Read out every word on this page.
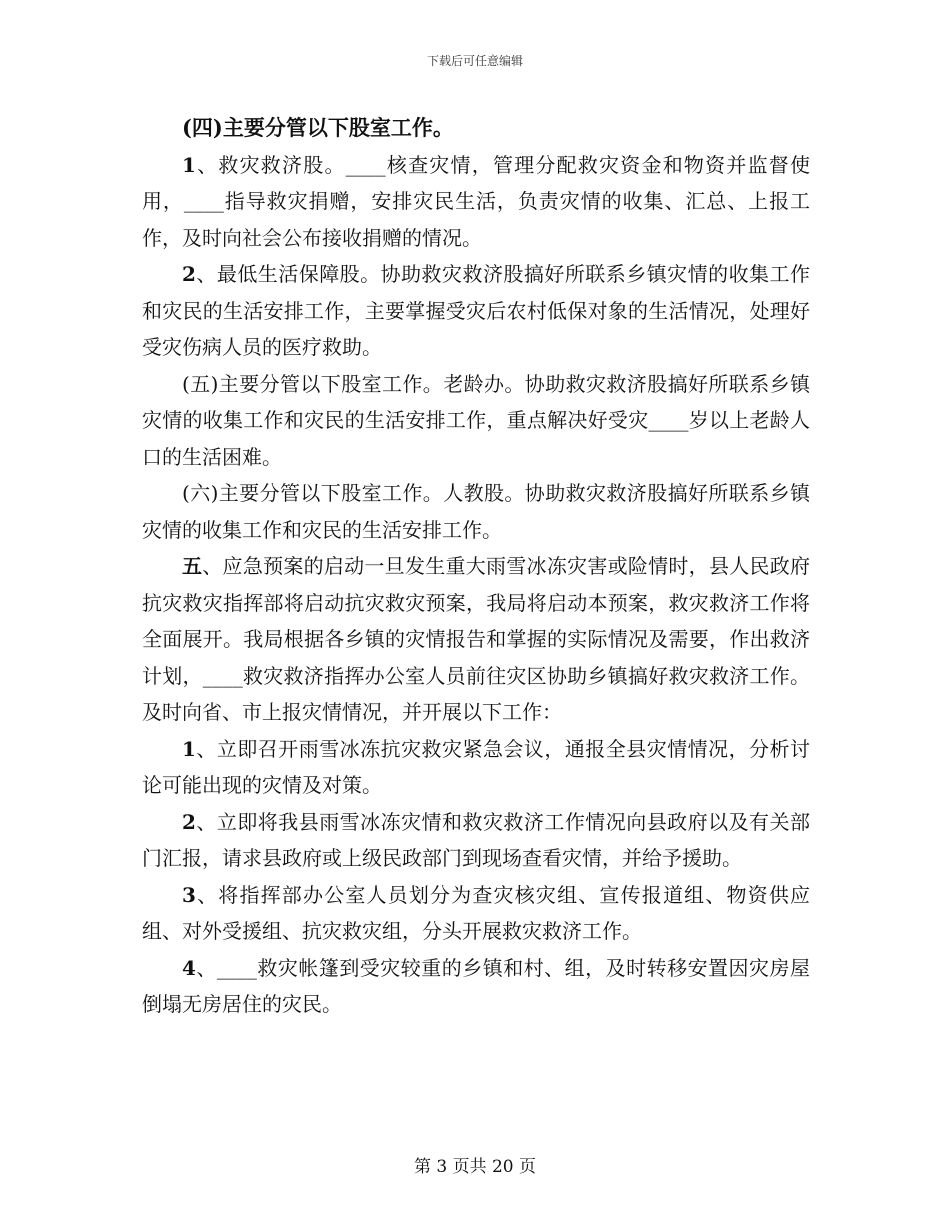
下载后可任意编辑

(四)主要分管以下股室工作。

1、救灾救济股。____核查灾情，管理分配救灾资金和物资并监督使用，____指导救灾捐赠，安排灾民生活，负责灾情的收集、汇总、上报工作，及时向社会公布接收捐赠的情况。

2、最低生活保障股。协助救灾救济股搞好所联系乡镇灾情的收集工作和灾民的生活安排工作，主要掌握受灾后农村低保对象的生活情况，处理好受灾伤病人员的医疗救助。

(五)主要分管以下股室工作。老龄办。协助救灾救济股搞好所联系乡镇灾情的收集工作和灾民的生活安排工作，重点解决好受灾____岁以上老龄人口的生活困难。

(六)主要分管以下股室工作。人教股。协助救灾救济股搞好所联系乡镇灾情的收集工作和灾民的生活安排工作。

五、应急预案的启动一旦发生重大雨雪冰冻灾害或险情时，县人民政府抗灾救灾指挥部将启动抗灾救灾预案，我局将启动本预案，救灾救济工作将全面展开。我局根据各乡镇的灾情报告和掌握的实际情况及需要，作出救济计划，____救灾救济指挥办公室人员前往灾区协助乡镇搞好救灾救济工作。及时向省、市上报灾情情况，并开展以下工作：

1、立即召开雨雪冰冻抗灾救灾紧急会议，通报全县灾情情况，分析讨论可能出现的灾情及对策。

2、立即将我县雨雪冰冻灾情和救灾救济工作情况向县政府以及有关部门汇报，请求县政府或上级民政部门到现场查看灾情，并给予援助。

3、将指挥部办公室人员划分为查灾核灾组、宣传报道组、物资供应组、对外受援组、抗灾救灾组，分头开展救灾救济工作。

4、____救灾帐篷到受灾较重的乡镇和村、组，及时转移安置因灾房屋倒塌无房居住的灾民。

第 3 页共 20 页
